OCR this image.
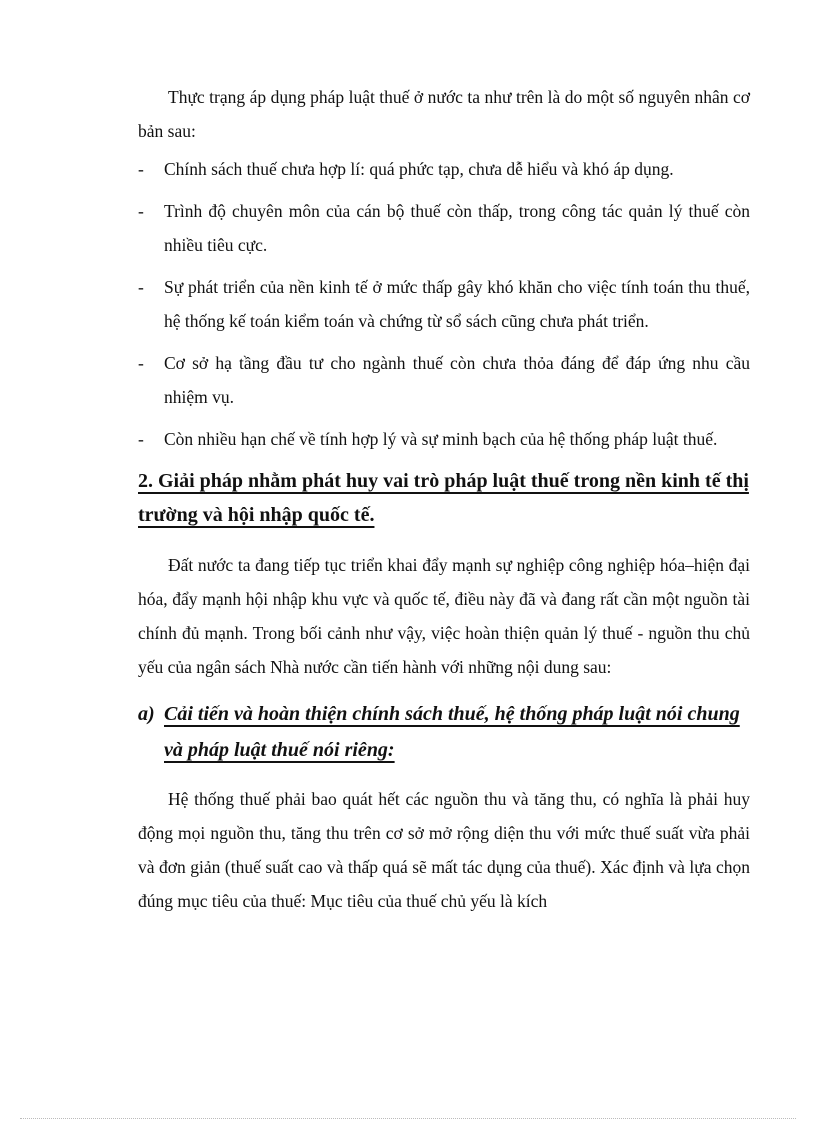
Thực trạng áp dụng pháp luật thuế ở nước ta như trên là do một số nguyên nhân cơ bản sau:

- Chính sách thuế chưa hợp lí: quá phức tạp, chưa dễ hiểu và khó áp dụng.
- Trình độ chuyên môn của cán bộ thuế còn thấp, trong công tác quản lý thuế còn nhiều tiêu cực.
- Sự phát triển của nền kinh tế ở mức thấp gây khó khăn cho việc tính toán thu thuế, hệ thống kế toán kiểm toán và chứng từ sổ sách cũng chưa phát triển.
- Cơ sở hạ tầng đầu tư cho ngành thuế còn chưa thỏa đáng để đáp ứng nhu cầu nhiệm vụ.
- Còn nhiều hạn chế về tính hợp lý và sự minh bạch của hệ thống pháp luật thuế.
2. Giải pháp nhằm phát huy vai trò pháp luật thuế trong nền kinh tế thị trường và hội nhập quốc tế.

Đất nước ta đang tiếp tục triển khai đẩy mạnh sự nghiệp công nghiệp hóa–hiện đại hóa, đẩy mạnh hội nhập khu vực và quốc tế, điều này đã và đang rất cần một nguồn tài chính đủ mạnh. Trong bối cảnh như vậy, việc hoàn thiện quản lý thuế - nguồn thu chủ yếu của ngân sách Nhà nước cần tiến hành với những nội dung sau:

a) Cải tiến và hoàn thiện chính sách thuế, hệ thống pháp luật nói chung và pháp luật thuế nói riêng:

Hệ thống thuế phải bao quát hết các nguồn thu và tăng thu, có nghĩa là phải huy động mọi nguồn thu, tăng thu trên cơ sở mở rộng diện thu với mức thuế suất vừa phải và đơn giản (thuế suất cao và thấp quá sẽ mất tác dụng của thuế). Xác định và lựa chọn đúng mục tiêu của thuế: Mục tiêu của thuế chủ yếu là kích
